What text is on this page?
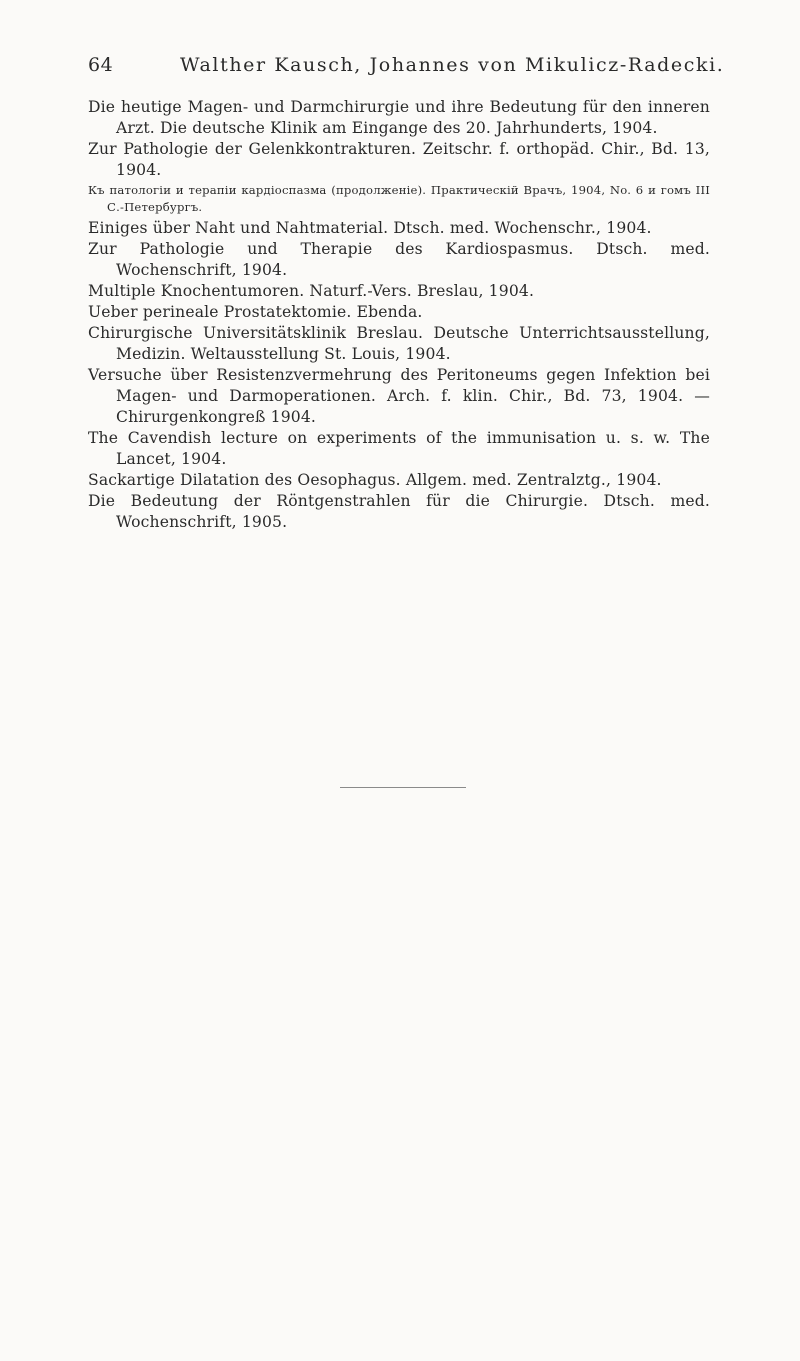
64	Walther Kausch, Johannes von Mikulicz-Radecki.

Die heutige Magen- und Darmchirurgie und ihre Bedeutung für den inneren Arzt. Die deutsche Klinik am Eingange des 20. Jahrhunderts, 1904.

Zur Pathologie der Gelenkkontrakturen. Zeitschr. f. orthopäd. Chir., Bd. 13, 1904.

Къ патологіи и терапіи кардіоспазма (продолженіе). Практическій Врачъ, 1904, No. 6 и гомъ III С.-Петербургъ.

Einiges über Naht und Nahtmaterial. Dtsch. med. Wochenschr., 1904.

Zur Pathologie und Therapie des Kardiospasmus. Dtsch. med. Wochenschrift, 1904.

Multiple Knochentumoren. Naturf.-Vers. Breslau, 1904.

Ueber perineale Prostatektomie. Ebenda.

Chirurgische Universitätsklinik Breslau. Deutsche Unterrichtsausstellung, Medizin. Weltausstellung St. Louis, 1904.

Versuche über Resistenzvermehrung des Peritoneums gegen Infektion bei Magen- und Darmoperationen. Arch. f. klin. Chir., Bd. 73, 1904. — Chirurgenkongreß 1904.

The Cavendish lecture on experiments of the immunisation u. s. w. The Lancet, 1904.

Sackartige Dilatation des Oesophagus. Allgem. med. Zentralztg., 1904.

Die Bedeutung der Röntgenstrahlen für die Chirurgie. Dtsch. med. Wochenschrift, 1905.
